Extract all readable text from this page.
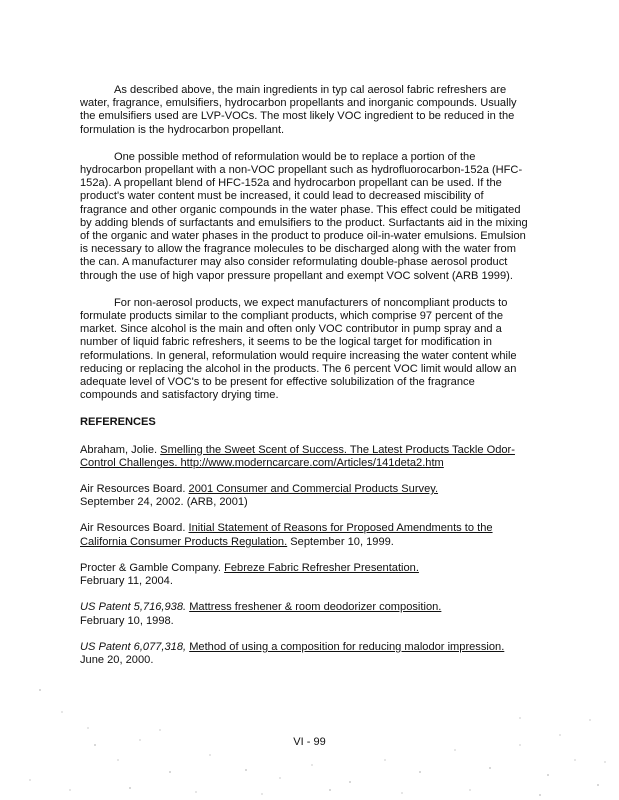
As described above, the main ingredients in typ cal aerosol fabric refreshers are water, fragrance, emulsifiers, hydrocarbon propellants and inorganic compounds. Usually the emulsifiers used are LVP-VOCs. The most likely VOC ingredient to be reduced in the formulation is the hydrocarbon propellant.

One possible method of reformulation would be to replace a portion of the hydrocarbon propellant with a non-VOC propellant such as hydrofluorocarbon-152a (HFC-152a). A propellant blend of HFC-152a and hydrocarbon propellant can be used. If the product's water content must be increased, it could lead to decreased miscibility of fragrance and other organic compounds in the water phase. This effect could be mitigated by adding blends of surfactants and emulsifiers to the product. Surfactants aid in the mixing of the organic and water phases in the product to produce oil-in-water emulsions. Emulsion is necessary to allow the fragrance molecules to be discharged along with the water from the can. A manufacturer may also consider reformulating double-phase aerosol product through the use of high vapor pressure propellant and exempt VOC solvent (ARB 1999).

For non-aerosol products, we expect manufacturers of noncompliant products to formulate products similar to the compliant products, which comprise 97 percent of the market. Since alcohol is the main and often only VOC contributor in pump spray and a number of liquid fabric refreshers, it seems to be the logical target for modification in reformulations. In general, reformulation would require increasing the water content while reducing or replacing the alcohol in the products. The 6 percent VOC limit would allow an adequate level of VOC's to be present for effective solubilization of the fragrance compounds and satisfactory drying time.

REFERENCES
Abraham, Jolie. Smelling the Sweet Scent of Success. The Latest Products Tackle Odor-Control Challenges. http://www.moderncarcare.com/Articles/141deta2.htm
Air Resources Board. 2001 Consumer and Commercial Products Survey.
September 24, 2002. (ARB, 2001)
Air Resources Board. Initial Statement of Reasons for Proposed Amendments to the California Consumer Products Regulation. September 10, 1999.
Procter & Gamble Company. Febreze Fabric Refresher Presentation.
February 11, 2004.
US Patent 5,716,938. Mattress freshener & room deodorizer composition.
February 10, 1998.
US Patent 6,077,318, Method of using a composition for reducing malodor impression.
June 20, 2000.
VI - 99
